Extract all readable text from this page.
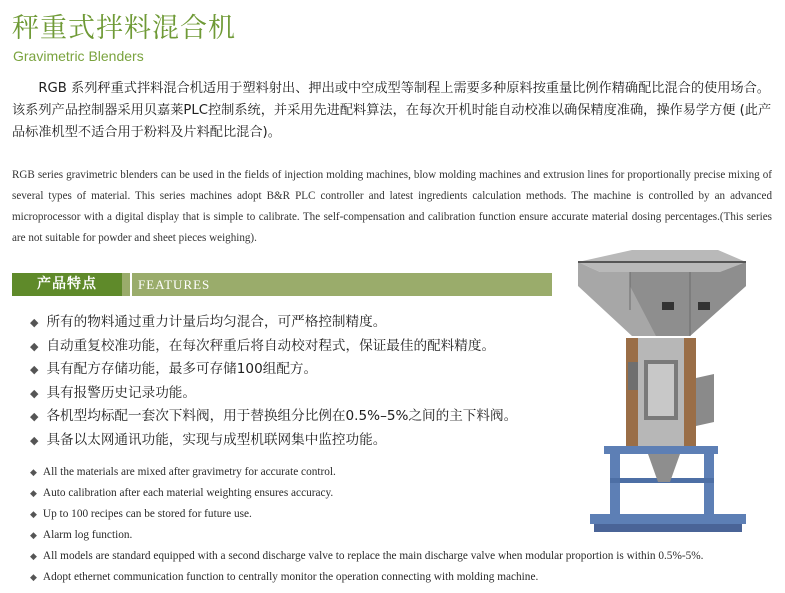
秤重式拌料混合机
Gravimetric Blenders
RGB 系列秤重式拌料混合机适用于塑料射出、押出或中空成型等制程上需要多种原料按重量比例作精确配比混合的使用场合。该系列产品控制器采用贝嘉莱PLC控制系统，并采用先进配料算法，在每次开机时能自动校准以确保精度准确，操作易学方便 (此产品标准机型不适合用于粉料及片料配比混合)。
RGB series gravimetric blenders can be used in the fields of injection molding machines, blow molding machines and extrusion lines for proportionally precise mixing of several types of material. This series machines adopt B&R PLC controller and latest ingredients calculation methods. The machine is controlled by an advanced microprocessor with a digital display that is simple to calibrate. The self-compensation and calibration function ensure accurate material dosing percentages.(This series are not suitable for powder and sheet pieces weighing).
产品特点	FEATURES
◆ 所有的物料通过重力计量后均匀混合，可严格控制精度。
◆ 自动重复校准功能，在每次秤重后将自动校对程式，保证最佳的配料精度。
◆ 具有配方存储功能，最多可存储100组配方。
◆ 具有报警历史记录功能。
◆ 各机型均标配一套次下料阀，用于替换组分比例在0.5%–5%之间的主下料阀。
◆ 具备以太网通讯功能，实现与成型机联网集中监控功能。
◆ All the materials are mixed after gravimetry for accurate control.
◆ Auto calibration after each material weighting ensures accuracy.
◆ Up to 100 recipes can be stored for future use.
◆ Alarm log function.
◆ All models are standard equipped with a second discharge valve to replace the main discharge valve when modular proportion is within 0.5%-5%.
◆ Adopt ethernet communication function to centrally monitor the operation connecting with molding machine.
